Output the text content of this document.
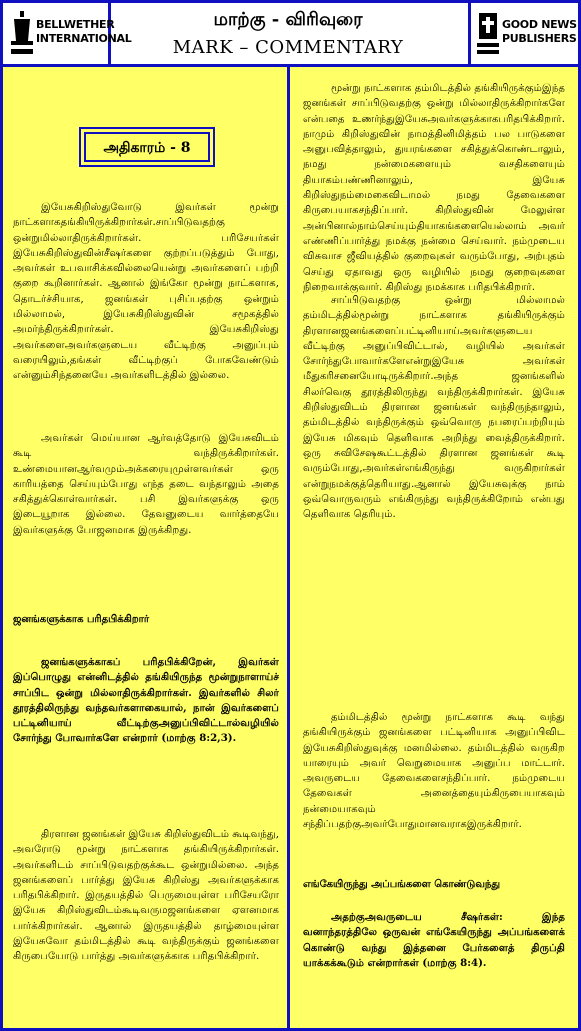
BELLWETHER
INTERNATIONAL
மாற்கு - விரிவுரை
MARK – COMMENTARY
GOOD NEWS
PUBLISHERS
அதிகாரம் - 8

இயேசுகிறிஸ்துவோடு இவர்கள் மூன்று நாட்களாகதங்கியிருக்கிறார்கள்.சாப்பிடுவதற்கு ஒன்றுமில்லாதிருக்கிறார்கள். பரிசேயர்கள் இயேசுகிறிஸ்துவின்சீஷர்களை குற்றப்படுத்தும் போது, அவர்கள் உபவாசிக்கவில்லையென்று அவர்களைப் பற்றி குறை கூறினார்கள். ஆனால் இங்கோ மூன்று நாட்களாக, தொடர்ச்சியாக, ஜனங்கள் புசிப்பதற்கு ஒன்றும் மில்லாமல், இயேசுகிறிஸ்துவின் சமூகத்தில் அமர்ந்திருக்கிறார்கள். இயேசுகிறிஸ்து அவர்களைஅவர்களுடைய வீட்டிற்கு அனுப்பும் வரையிலும்,தங்கள் வீட்டிற்குப் போகவேண்டும் என்னும்சிந்தனையே அவர்களிடத்தில் இல்லை.

அவர்கள் மெய்யான ஆர்வத்தோடு இயேசுவிடம் கூடி வந்திருக்கிறார்கள். உண்மையானஆர்வமும்அக்கரையுமுள்ளவர்கள் ஒரு காரியத்தை செய்யும்போது எந்த தடை வந்தாலும் அதை சகித்துக்கொள்வார்கள். பசி இவர்களுக்கு ஒரு இடையூறாக இல்லை. தேவனுடைய வார்த்தையே இவர்களுக்கு போஜனமாக இருக்கிறது.

ஜனங்களுக்காக பரிதபிக்கிறார்

ஜனங்களுக்காகப் பரிதபிக்கிறேன், இவர்கள் இப்பொழுது என்னிடத்தில் தங்கியிருந்த மூன்றுநாளாய்ச் சாப்பிட ஒன்று மில்லாதிருக்கிறார்கள். இவர்களில் சிலர் தூரத்திலிருந்து வந்தவர்களாகையால், நான் இவர்களைப் பட்டினியாய் வீட்டிற்குஅனுப்பிவிட்டால்வழியில் சோர்ந்து போவார்களே என்றார் (மாற்கு 8:2,3).

திரளான ஜனங்கள் இயேசு கிறிஸ்துவிடம் கூடிவந்து, அவரோடு மூன்று நாட்களாக தங்கியிருக்கிறார்கள். அவர்களிடம் சாப்பிடுவதற்குக்கூட ஒன்றுமில்லை. அந்த ஜனங்களைப் பார்த்து இயேசு கிறிஸ்து அவர்களுக்காக பரிதபிக்கிறார். இருதயத்தில் பெருமையுள்ள பரிசேயரோ இயேசு கிறிஸ்துவிடம்கூடிவருமஜனங்களை ஏளனமாக பார்க்கிறார்கள். ஆனால் இருதயத்தில் தாழ்மையுள்ள இயேசுவோ தம்மிடத்தில் கூடி வந்திருக்கும் ஜனங்களை கிருபையோடு பார்த்து அவர்களுக்காக பரிதபிக்கிறார்.

மூன்று நாட்களாக தம்மிடத்தில் தங்கியிருக்கும்இந்த ஜனங்கள் சாப்பிடுவதற்கு ஒன்று மில்லாதிருக்கிறார்களே என்பதை உணர்ந்துஇயேசுஅவர்களுக்காகபரிதபிக்கிறார். நாமும் கிறிஸ்துவின் நாமத்தினிமித்தம் பல பாடுகளை அனுபவித்தாலும், துயரங்களை சகித்துக்கொண்டாலும், நமது நன்மைகளையும் வசதிகளையும் தியாகம்பண்ணினாலும், இயேசு கிறிஸ்துநம்மைகைவிடாமல் நமது தேவைகளை கிருபையாகசந்திப்பார். கிறிஸ்துவின் மேலுள்ள அன்பினால்நாம்செய்யும்தியாகங்களையெல்லாம் அவர் எண்ணிப்பார்த்து நமக்கு நன்மை செய்வார். நம்முடைய விசுவாச ஜீவியத்தில் குறைவுகள் வரும்போது, அற்புதம் செய்து ஏதாவது ஒரு வழியில் நமது குறைவுகளை நிறைவாக்குவார். கிறிஸ்து நமக்காக பரிதபிக்கிறார்.

சாப்பிடுவதற்கு ஒன்று மில்லாமல் தம்மிடத்தில்மூன்று நாட்களாக தங்கியிருக்கும் திரளானஜனங்களைப்பட்டினியாய்அவர்களுடைய வீட்டிற்கு அனுப்பிவிட்டால், வழியில் அவர்கள் சோர்ந்துபோவார்களேஎன்றுஇயேசு அவர்கள் மீதுகரிசனையோடிருக்கிறார்.அந்த ஜனங்களில் சிலர்வெகு தூரத்திலிருந்து வந்திருக்கிறார்கள். இயேசு கிறிஸ்துவிடம் திரளான ஜனங்கள் வந்திருந்தாலும், தம்மிடத்தில் வந்திருக்கும் ஒவ்வொரு நபரைப்பற்றியும் இயேசு மிகவும் தெளிவாக அறிந்து வைத்திருக்கிறார். ஒரு சுவிசேஷகூட்டத்தில் திரளான ஜனங்கள் கூடி வரும்போது,அவர்கள்எங்கிருந்து வருகிறார்கள் என்றுநமக்குத்தெரியாது.ஆனால் இயேசுவுக்கு நாம் ஒவ்வொருவரும் எங்கிருந்து வந்திருக்கிறோம் என்பது தெளிவாக தெரியும்.

தம்மிடத்தில் மூன்று நாட்களாக கூடி வந்து தங்கியிருக்கும் ஜனங்களை பட்டினியாக அனுப்பிவிட இயேசுகிறிஸ்துவுக்கு மனமில்லை. தம்மிடத்தில் வருகிற யாரையும் அவர் வெறுமையாக அனுப்ப மாட்டார். அவருடைய தேவைகளைசந்திப்பார். நம்முடைய தேவைகள் அனைத்தையும்கிருபையாகவும் நன்மையாகவும் சந்திப்பதற்குஅவர்போதுமானவராகஇருக்கிறார்.

எங்கேயிருந்து அப்பங்களை கொண்டுவந்து

அதற்குஅவருடைய சீஷர்கள்: இந்த வனாந்தரத்திலே ஒருவன் எங்கேயிருந்து அப்பங்களைக் கொண்டு வந்து இத்தனை பேர்களைத் திருப்தி யாக்கக்கூடும் என்றார்கள் (மாற்கு 8:4).
